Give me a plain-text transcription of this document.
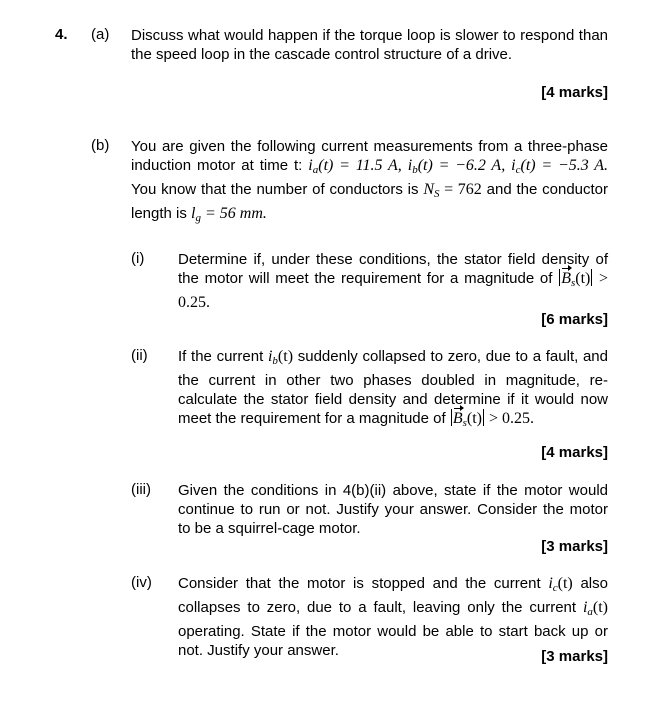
4. (a) Discuss what would happen if the torque loop is slower to respond than the speed loop in the cascade control structure of a drive.

[4 marks]
(b) You are given the following current measurements from a three-phase induction motor at time t: $i_a(t) = 11.5$ A, $i_b(t) = -6.2$ A, $i_c(t) = -5.3$ A. You know that the number of conductors is $N_S = 762$ and the conductor length is $l_g = 56$ mm.
(i) Determine if, under these conditions, the stator field density of the motor will meet the requirement for a magnitude of $B_s(t) > 0.25$.
[6 marks]
(ii) If the current $i_b(t)$ suddenly collapsed to zero, due to a fault, and the current in other two phases doubled in magnitude, re-calculate the stator field density and determine if it would now meet the requirement for a magnitude of $B_s(t) > 0.25$.
[4 marks]
(iii) Given the conditions in 4(b)(ii) above, state if the motor would continue to run or not. Justify your answer. Consider the motor to be a squirrel-cage motor.

[3 marks]
(iv) Consider that the motor is stopped and the current $i_c(t)$ also collapses to zero, due to a fault, leaving only the current $i_a(t)$ operating. State if the motor would be able to start back up or not. Justify your answer.	[3 marks]
